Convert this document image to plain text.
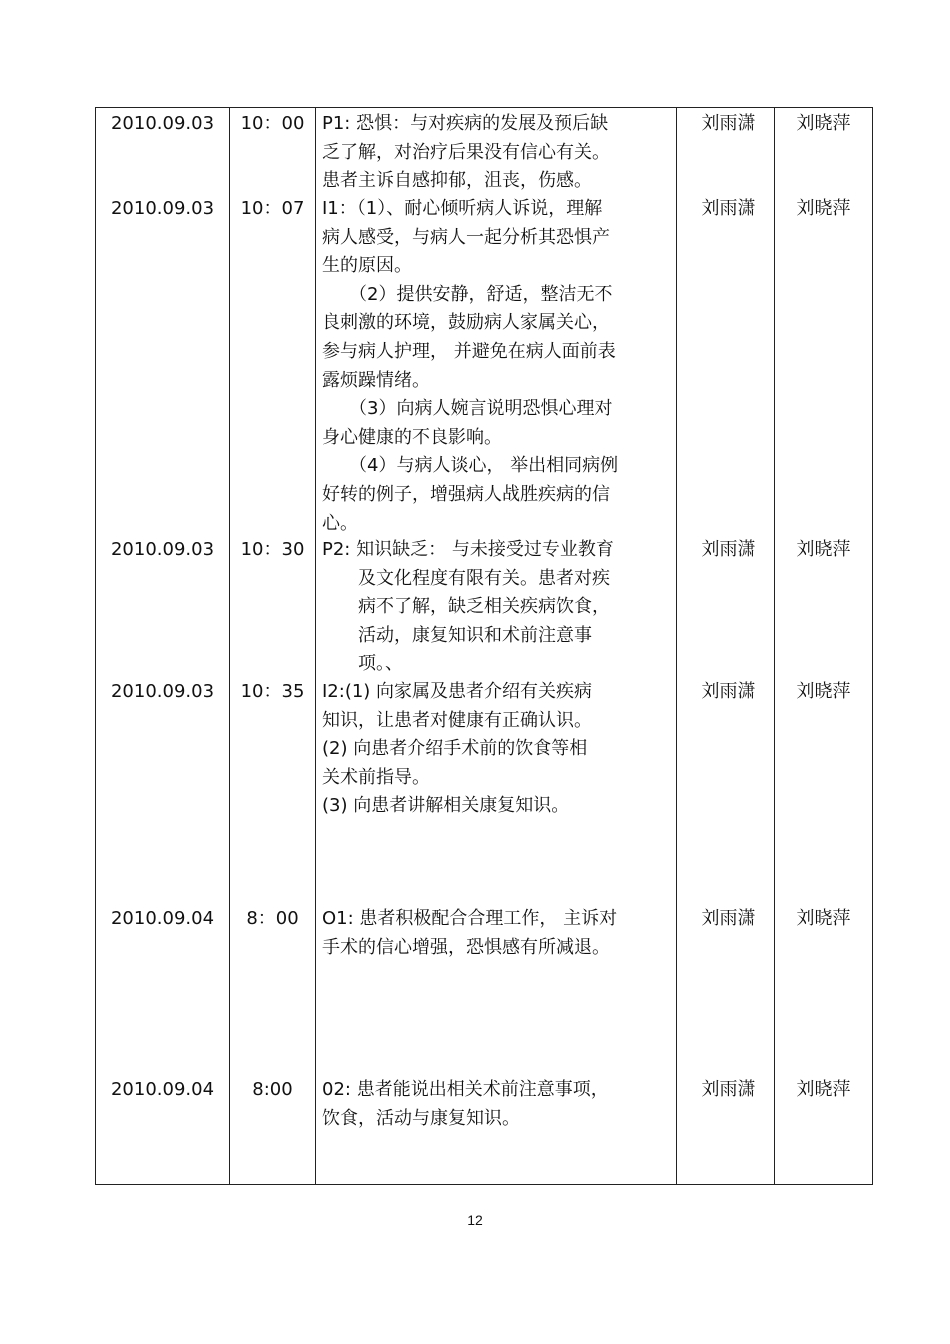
2010.09.03	10：00 P1: 恐惧：与对疾病的发展及预后缺
乏了解，对治疗后果没有信心有关。
患者主诉自感抑郁，沮丧，伤感。
刘雨潇	刘晓萍
2010.09.03	10：07 I1：（1）、耐心倾听病人诉说，理解
病人感受，与病人一起分析其恐惧产
生的原因。
　　（2）提供安静，舒适，整洁无不
良刺激的环境，鼓励病人家属关心，
参与病人护理， 并避免在病人面前表
露烦躁情绪。
　　（3）向病人婉言说明恐惧心理对
身心健康的不良影响。
　　（4）与病人谈心， 举出相同病例
好转的例子，增强病人战胜疾病的信
心。
刘雨潇	刘晓萍
2010.09.03	10：30 P2: 知识缺乏： 与未接受过专业教育
　　及文化程度有限有关。患者对疾
　　病不了解，缺乏相关疾病饮食，
　　活动，康复知识和术前注意事
　　项。、
刘雨潇	刘晓萍
2010.09.03	10：35 I2:(1) 向家属及患者介绍有关疾病
知识，让患者对健康有正确认识。
(2) 向患者介绍手术前的饮食等相
关术前指导。
(3) 向患者讲解相关康复知识。
刘雨潇	刘晓萍
2010.09.04	8：00	O1: 患者积极配合合理工作， 主诉对
手术的信心增强，恐惧感有所减退。
刘雨潇	刘晓萍
2010.09.04	8:00	02: 患者能说出相关术前注意事项，
饮食，活动与康复知识。
刘雨潇	刘晓萍
12
